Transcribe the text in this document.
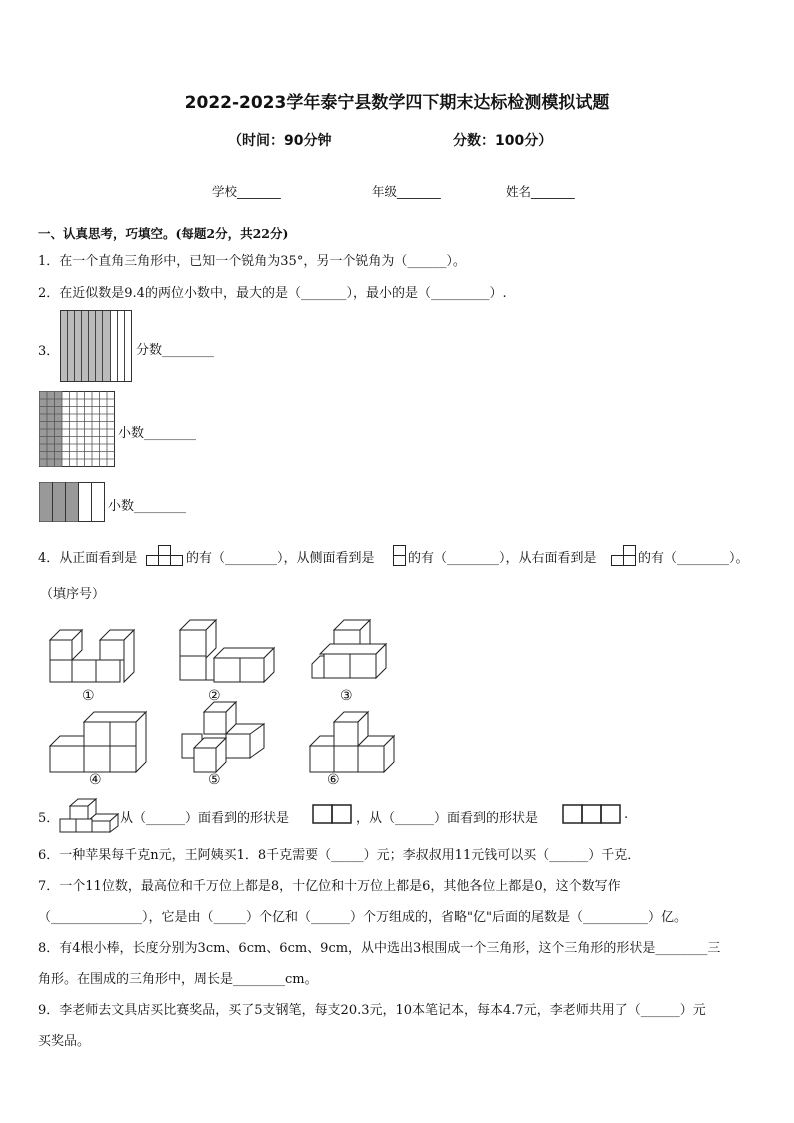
2022-2023学年泰宁县数学四下期末达标检测模拟试题
（时间：90分钟	分数：100分）
学校_______	年级_______	姓名_______
一、认真思考，巧填空。(每题2分，共22分)
1．在一个直角三角形中，已知一个锐角为35°，另一个锐角为（______）。
2．在近似数是9.4的两位小数中，最大的是（_______），最小的是（_________）.
3．	分数________
小数________
小数________
4．从正面看到是	的有（________），从侧面看到是	的有（________），从右面看到是	的有（________）。
（填序号）
①	②	③
④	⑤	⑥
5．	从（______）面看到的形状是	，从（______）面看到的形状是	.
6．一种苹果每千克n元，王阿姨买1．8千克需要（_____）元；李叔叔用11元钱可以买（______）千克．
7．一个11位数，最高位和千万位上都是8，十亿位和十万位上都是6，其他各位上都是0，这个数写作
（______________），它是由（_____）个亿和（______）个万组成的，省略"亿"后面的尾数是（__________）亿。
8．有4根小棒，长度分别为3cm、6cm、6cm、9cm，从中选出3根围成一个三角形，这个三角形的形状是________三
角形。在围成的三角形中，周长是________cm。
9．李老师去文具店买比赛奖品，买了5支钢笔，每支20.3元，10本笔记本，每本4.7元，李老师共用了（______）元
买奖品。
